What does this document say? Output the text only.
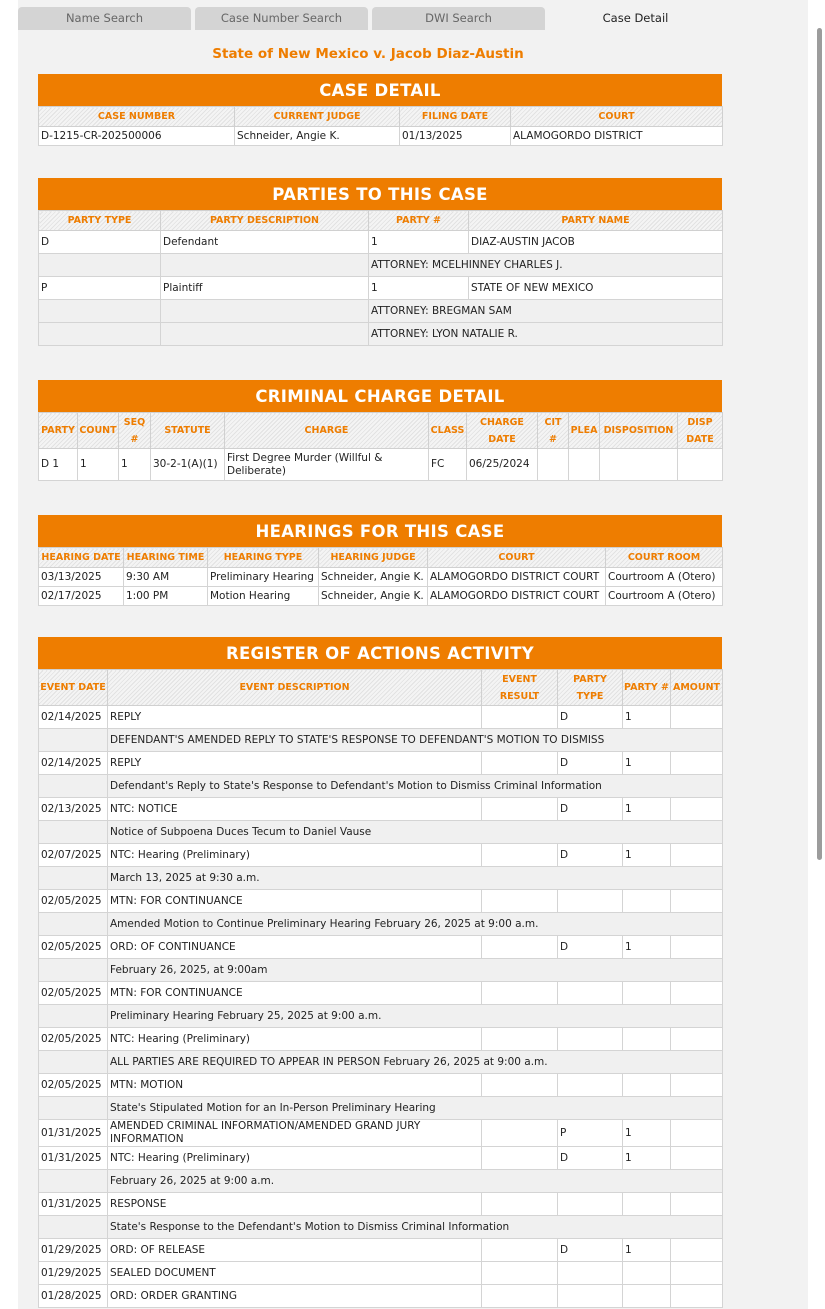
Name Search	Case Number Search	DWI Search	Case Detail
State of New Mexico v. Jacob Diaz-Austin
CASE DETAIL
CASE NUMBER	CURRENT JUDGE	FILING DATE	COURT
D-1215-CR-202500006	Schneider, Angie K.	01/13/2025	ALAMOGORDO DISTRICT
PARTIES TO THIS CASE
PARTY TYPE	PARTY DESCRIPTION	PARTY #	PARTY NAME
D	Defendant	1	DIAZ-AUSTIN JACOB
		ATTORNEY: MCELHINNEY CHARLES J.	
P	Plaintiff	1	STATE OF NEW MEXICO
		ATTORNEY: BREGMAN SAM	
		ATTORNEY: LYON NATALIE R.	
CRIMINAL CHARGE DETAIL
PARTY	COUNT	SEQ #	STATUTE	CHARGE	CLASS	CHARGE DATE	CIT #	PLEA	DISPOSITION	DISP DATE
D 1	1	1	30-2-1(A)(1)	First Degree Murder (Willful & Deliberate)	FC	06/25/2024				
HEARINGS FOR THIS CASE
HEARING DATE	HEARING TIME	HEARING TYPE	HEARING JUDGE	COURT	COURT ROOM
03/13/2025	9:30 AM	Preliminary Hearing	Schneider, Angie K.	ALAMOGORDO DISTRICT COURT	Courtroom A (Otero)
02/17/2025	1:00 PM	Motion Hearing	Schneider, Angie K.	ALAMOGORDO DISTRICT COURT	Courtroom A (Otero)
REGISTER OF ACTIONS ACTIVITY
EVENT DATE	EVENT DESCRIPTION	EVENT RESULT	PARTY TYPE	PARTY #	AMOUNT
02/14/2025	REPLY		D	1	
	DEFENDANT'S AMENDED REPLY TO STATE'S RESPONSE TO DEFENDANT'S MOTION TO DISMISS				
02/14/2025	REPLY		D	1	
	Defendant's Reply to State's Response to Defendant's Motion to Dismiss Criminal Information				
02/13/2025	NTC: NOTICE		D	1	
	Notice of Subpoena Duces Tecum to Daniel Vause				
02/07/2025	NTC: Hearing (Preliminary)		D	1	
	March 13, 2025 at 9:30 a.m.				
02/05/2025	MTN: FOR CONTINUANCE				
	Amended Motion to Continue Preliminary Hearing February 26, 2025 at 9:00 a.m.				
02/05/2025	ORD: OF CONTINUANCE		D	1	
	February 26, 2025, at 9:00am				
02/05/2025	MTN: FOR CONTINUANCE				
	Preliminary Hearing February 25, 2025 at 9:00 a.m.				
02/05/2025	NTC: Hearing (Preliminary)				
	ALL PARTIES ARE REQUIRED TO APPEAR IN PERSON February 26, 2025 at 9:00 a.m.				
02/05/2025	MTN: MOTION				
	State's Stipulated Motion for an In-Person Preliminary Hearing				
01/31/2025	AMENDED CRIMINAL INFORMATION/AMENDED GRAND JURY INFORMATION		P	1	
01/31/2025	NTC: Hearing (Preliminary)		D	1	
	February 26, 2025 at 9:00 a.m.				
01/31/2025	RESPONSE				
	State's Response to the Defendant's Motion to Dismiss Criminal Information				
01/29/2025	ORD: OF RELEASE		D	1	
01/29/2025	SEALED DOCUMENT				
01/28/2025	ORD: ORDER GRANTING				
